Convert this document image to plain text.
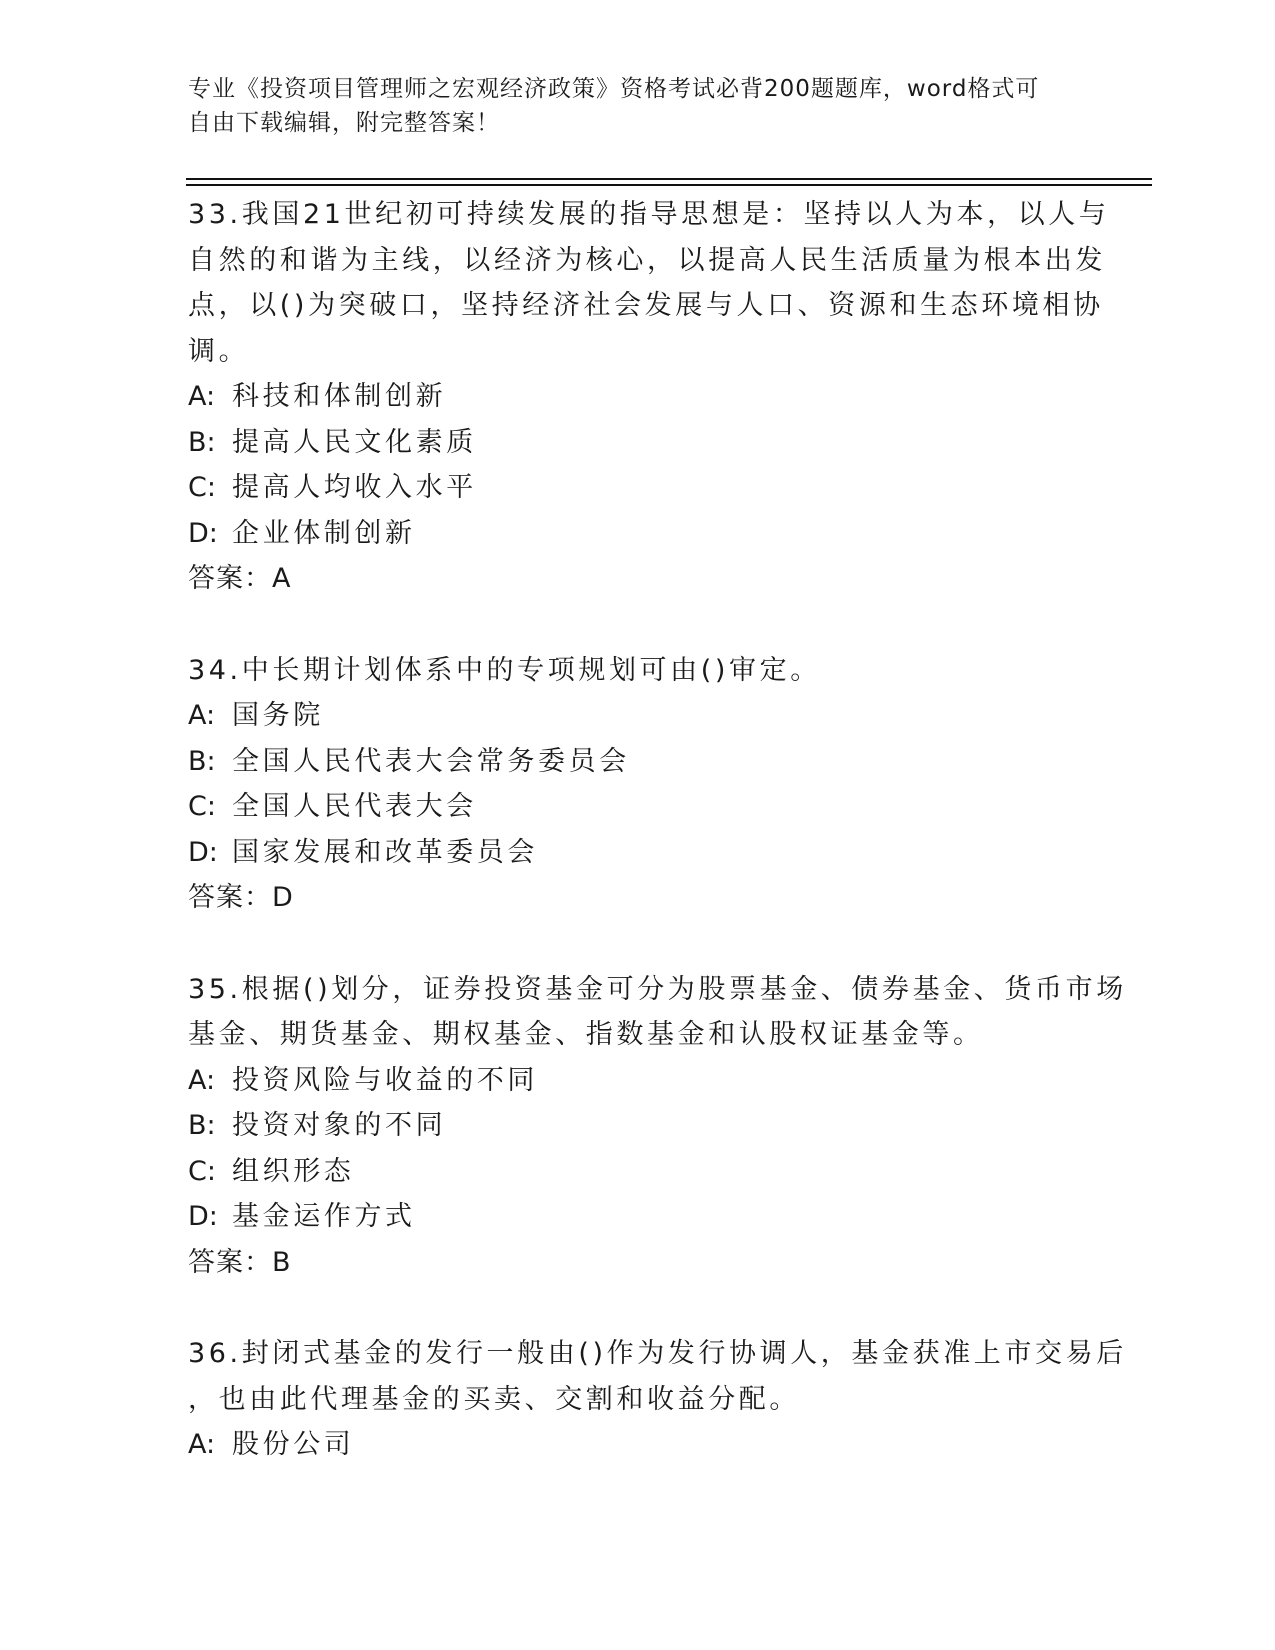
专业《投资项目管理师之宏观经济政策》资格考试必背200题题库，word格式可
自由下载编辑，附完整答案！
33.我国21世纪初可持续发展的指导思想是：坚持以人为本，以人与
自然的和谐为主线，以经济为核心，以提高人民生活质量为根本出发
点，以()为突破口，坚持经济社会发展与人口、资源和生态环境相协
调。
A: 科技和体制创新
B: 提高人民文化素质
C: 提高人均收入水平
D: 企业体制创新
答案：A
34.中长期计划体系中的专项规划可由()审定。
A: 国务院
B: 全国人民代表大会常务委员会
C: 全国人民代表大会
D: 国家发展和改革委员会
答案：D
35.根据()划分，证券投资基金可分为股票基金、债券基金、货币市场
基金、期货基金、期权基金、指数基金和认股权证基金等。
A: 投资风险与收益的不同
B: 投资对象的不同
C: 组织形态
D: 基金运作方式
答案：B
36.封闭式基金的发行一般由()作为发行协调人，基金获准上市交易后
，也由此代理基金的买卖、交割和收益分配。
A: 股份公司
